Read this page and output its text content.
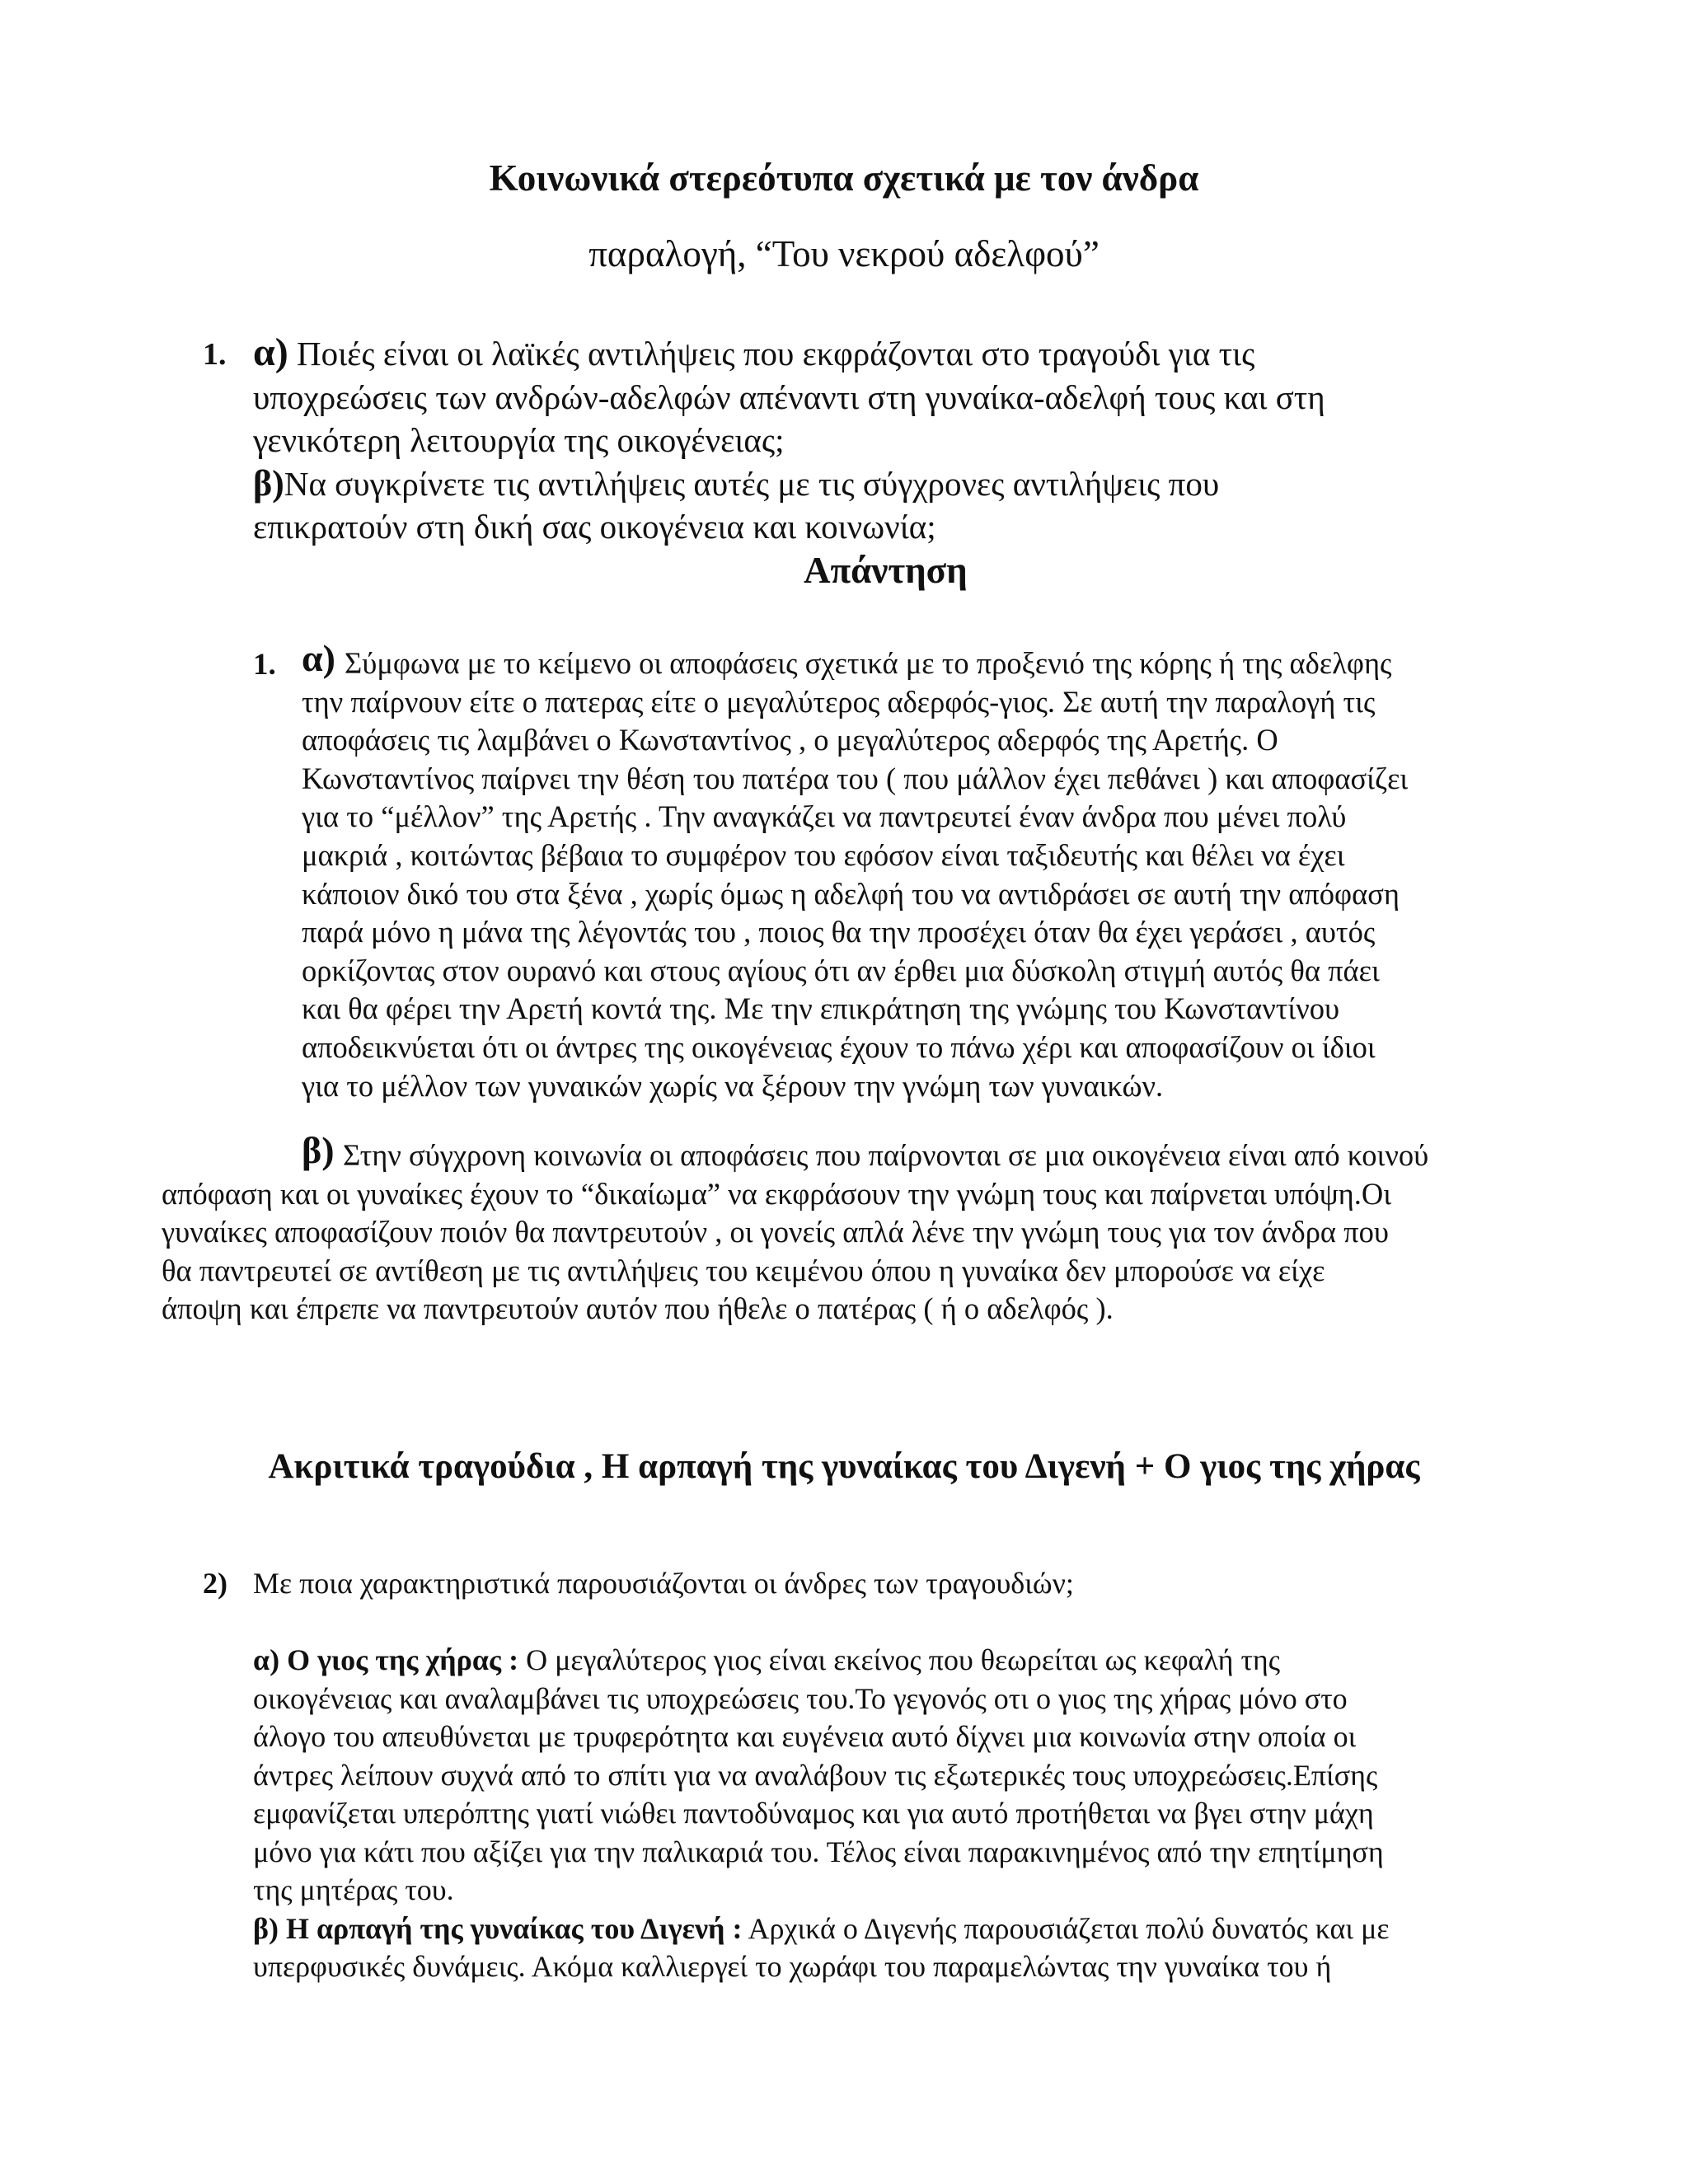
Κοινωνικά στερεότυπα σχετικά με τον άνδρα

παραλογή, “Του νεκρού αδελφού”

1. α) Ποιές είναι οι λαϊκές αντιλήψεις που εκφράζονται στο τραγούδι για τις
υποχρεώσεις των ανδρών-αδελφών απέναντι στη γυναίκα-αδελφή τους και στη
γενικότερη λειτουργία της οικογένειας;
β)Να συγκρίνετε τις αντιλήψεις αυτές με τις σύγχρονες αντιλήψεις που
επικρατούν στη δική σας οικογένεια και κοινωνία;

Απάντηση

1. α) Σύμφωνα με το κείμενο οι αποφάσεις σχετικά με το προξενιό της κόρης ή της αδελφης
την παίρνουν είτε ο πατερας είτε ο μεγαλύτερος αδερφός-γιος. Σε αυτή την παραλογή τις
αποφάσεις τις λαμβάνει ο Κωνσταντίνος , ο μεγαλύτερος αδερφός της Αρετής. Ο
Κωνσταντίνος παίρνει την θέση του πατέρα του ( που μάλλον έχει πεθάνει ) και αποφασίζει
για το “μέλλον” της Αρετής . Την αναγκάζει να παντρευτεί έναν άνδρα που μένει πολύ
μακριά , κοιτώντας βέβαια το συμφέρον του εφόσον είναι ταξιδευτής και θέλει να έχει
κάποιον δικό του στα ξένα , χωρίς όμως η αδελφή του να αντιδράσει σε αυτή την απόφαση
παρά μόνο η μάνα της λέγοντάς του , ποιος θα την προσέχει όταν θα έχει γεράσει , αυτός
ορκίζοντας στον ουρανό και στους αγίους ότι αν έρθει μια δύσκολη στιγμή αυτός θα πάει
και θα φέρει την Αρετή κοντά της. Με την επικράτηση της γνώμης του Κωνσταντίνου
αποδεικνύεται ότι οι άντρες της οικογένειας έχουν το πάνω χέρι και αποφασίζουν οι ίδιοι
για το μέλλον των γυναικών χωρίς να ξέρουν την γνώμη των γυναικών.
β) Στην σύγχρονη κοινωνία οι αποφάσεις που παίρνονται σε μια οικογένεια είναι από κοινού
απόφαση και οι γυναίκες έχουν το “δικαίωμα” να εκφράσουν την γνώμη τους και παίρνεται υπόψη.Οι
γυναίκες αποφασίζουν ποιόν θα παντρευτούν , οι γονείς απλά λένε την γνώμη τους για τον άνδρα που
θα παντρευτεί σε αντίθεση με τις αντιλήψεις του κειμένου όπου η γυναίκα δεν μπορούσε να είχε
άποψη και έπρεπε να παντρευτούν αυτόν που ήθελε ο πατέρας ( ή ο αδελφός ).

Ακριτικά τραγούδια , Η αρπαγή της γυναίκας του Διγενή + Ο γιος της χήρας

2) Με ποια χαρακτηριστικά παρουσιάζονται οι άνδρες των τραγουδιών;
α) Ο γιος της χήρας : Ο μεγαλύτερος γιος είναι εκείνος που θεωρείται ως κεφαλή της
οικογένειας και αναλαμβάνει τις υποχρεώσεις του.Το γεγονός οτι ο γιος της χήρας μόνο στο
άλογο του απευθύνεται με τρυφερότητα και ευγένεια αυτό δίχνει μια κοινωνία στην οποία οι
άντρες λείπουν συχνά από το σπίτι για να αναλάβουν τις εξωτερικές τους υποχρεώσεις.Επίσης
εμφανίζεται υπερόπτης γιατί νιώθει παντοδύναμος και για αυτό προτήθεται να βγει στην μάχη
μόνο για κάτι που αξίζει για την παλικαριά του. Τέλος είναι παρακινημένος από την επητίμηση
της μητέρας του.
β) Η αρπαγή της γυναίκας του Διγενή : Αρχικά ο Διγενής παρουσιάζεται πολύ δυνατός και με
υπερφυσικές δυνάμεις. Ακόμα καλλιεργεί το χωράφι του παραμελώντας την γυναίκα του ή
